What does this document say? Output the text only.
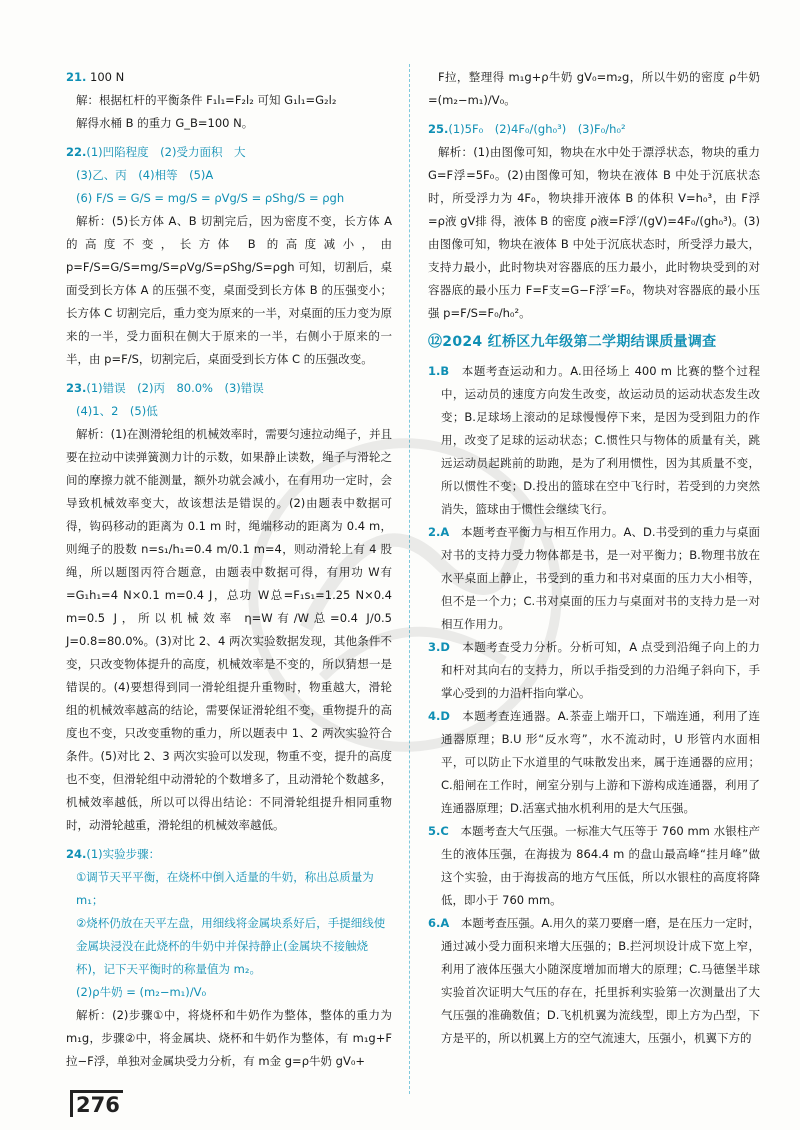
21. 100 N

解：根据杠杆的平衡条件 F₁l₁=F₂l₂ 可知 G₁l₁=G₂l₂

解得水桶 B 的重力 G_B=100 N。

22.(1)凹陷程度　(2)受力面积　大

(3)乙、丙　(4)相等　(5)A

(6) F/S = G/S = mg/S = ρVg/S = ρShg/S = ρgh

解析：(5)长方体 A、B 切割完后，因为密度不变，长方体 A 的高度不变，长方体 B 的高度减小，由 p=F/S=G/S=mg/S=ρVg/S=ρShg/S=ρgh 可知，切割后，桌面受到长方体 A 的压强不变，桌面受到长方体 B 的压强变小；长方体 C 切割完后，重力变为原来的一半，对桌面的压力变为原来的一半，受力面积在侧大于原来的一半，右侧小于原来的一半，由 p=F/S，切割完后，桌面受到长方体 C 的压强改变。

23.(1)错误　(2)丙　80.0%　(3)错误

(4)1、2　(5)低

解析：(1)在测滑轮组的机械效率时，需要匀速拉动绳子，并且要在拉动中读弹簧测力计的示数，如果静止读数，绳子与滑轮之间的摩擦力就不能测量，额外功就会减小，在有用功一定时，会导致机械效率变大，故该想法是错误的。(2)由题表中数据可得，钩码移动的距离为 0.1 m 时，绳端移动的距离为 0.4 m，则绳子的股数 n=s₁/h₁=0.4 m/0.1 m=4，则动滑轮上有 4 股绳，所以题图丙符合题意，由题表中数据可得，有用功 W有=G₁h₁=4 N×0.1 m=0.4 J，总功 W总=F₁s₁=1.25 N×0.4 m=0.5 J，所以机械效率 η=W有/W总=0.4 J/0.5 J=0.8=80.0%。(3)对比 2、4 两次实验数据发现，其他条件不变，只改变物体提升的高度，机械效率是不变的，所以猜想一是错误的。(4)要想得到同一滑轮组提升重物时，物重越大，滑轮组的机械效率越高的结论，需要保证滑轮组不变，重物提升的高度也不变，只改变重物的重力，所以题表中 1、2 两次实验符合条件。(5)对比 2、3 两次实验可以发现，物重不变，提升的高度也不变，但滑轮组中动滑轮的个数增多了，且动滑轮个数越多，机械效率越低，所以可以得出结论：不同滑轮组提升相同重物时，动滑轮越重，滑轮组的机械效率越低。

24.(1)实验步骤：

①调节天平平衡，在烧杯中倒入适量的牛奶，称出总质量为 m₁；

②烧杯仍放在天平左盘，用细线将金属块系好后，手提细线使金属块浸没在此烧杯的牛奶中并保持静止(金属块不接触烧杯)，记下天平衡时的称量值为 m₂。

(2)ρ牛奶 = (m₂−m₁)/V₀

解析：(2)步骤①中，将烧杯和牛奶作为整体，整体的重力为 m₁g，步骤②中，将金属块、烧杯和牛奶作为整体，有 m₁g+F拉−F浮，单独对金属块受力分析，有 m金 g=ρ牛奶 gV₀+

F拉，整理得 m₁g+ρ牛奶 gV₀=m₂g，所以牛奶的密度 ρ牛奶=(m₂−m₁)/V₀。

25.(1)5F₀　(2)4F₀/(gh₀³)　(3)F₀/h₀²

解析：(1)由图像可知，物块在水中处于漂浮状态，物块的重力 G=F浮=5F₀。(2)由图像可知，物块在液体 B 中处于沉底状态时，所受浮力为 4F₀，物块排开液体 B 的体积 V=h₀³，由 F浮=ρ液 gV排 得，液体 B 的密度 ρ液=F浮′/(gV)=4F₀/(gh₀³)。(3)由图像可知，物块在液体 B 中处于沉底状态时，所受浮力最大，支持力最小，此时物块对容器底的压力最小，此时物块受到的对容器底的最小压力 F=F支=G−F浮′=F₀，物块对容器底的最小压强 p=F/S=F₀/h₀²。

⑫2024 红桥区九年级第二学期结课质量调查

1.B　 本题考查运动和力。A.田径场上 400 m 比赛的整个过程中，运动员的速度方向发生改变，故运动员的运动状态发生改变；B.足球场上滚动的足球慢慢停下来，是因为受到阻力的作用，改变了足球的运动状态；C.惯性只与物体的质量有关，跳远运动员起跳前的助跑，是为了利用惯性，因为其质量不变，所以惯性不变；D.投出的篮球在空中飞行时，若受到的力突然消失，篮球由于惯性会继续飞行。

2.A　 本题考查平衡力与相互作用力。A、D.书受到的重力与桌面对书的支持力受力物体都是书，是一对平衡力；B.物理书放在水平桌面上静止，书受到的重力和书对桌面的压力大小相等，但不是一个力；C.书对桌面的压力与桌面对书的支持力是一对相互作用力。

3.D　 本题考查受力分析。分析可知，A 点受到沿绳子向上的力和杆对其向右的支持力，所以手指受到的力沿绳子斜向下，手掌心受到的力沿杆指向掌心。

4.D　 本题考查连通器。A.茶壶上端开口，下端连通，利用了连通器原理；B.U 形“反水弯”，水不流动时，U 形管内水面相平，可以防止下水道里的气味散发出来，属于连通器的应用；C.船闸在工作时，闸室分别与上游和下游构成连通器，利用了连通器原理；D.活塞式抽水机利用的是大气压强。

5.C　 本题考查大气压强。一标准大气压等于 760 mm 水银柱产生的液体压强，在海拔为 864.4 m 的盘山最高峰“挂月峰”做这个实验，由于海拔高的地方气压低，所以水银柱的高度将降低，即小于 760 mm。

6.A　 本题考查压强。A.用久的菜刀要磨一磨，是在压力一定时，通过减小受力面积来增大压强的；B.拦河坝设计成下宽上窄，利用了液体压强大小随深度增加而增大的原理；C.马德堡半球实验首次证明大气压的存在，托里拆利实验第一次测量出了大气压强的准确数值；D.飞机机翼为流线型，即上方为凸型，下方是平的，所以机翼上方的空气流速大，压强小，机翼下方的

276
